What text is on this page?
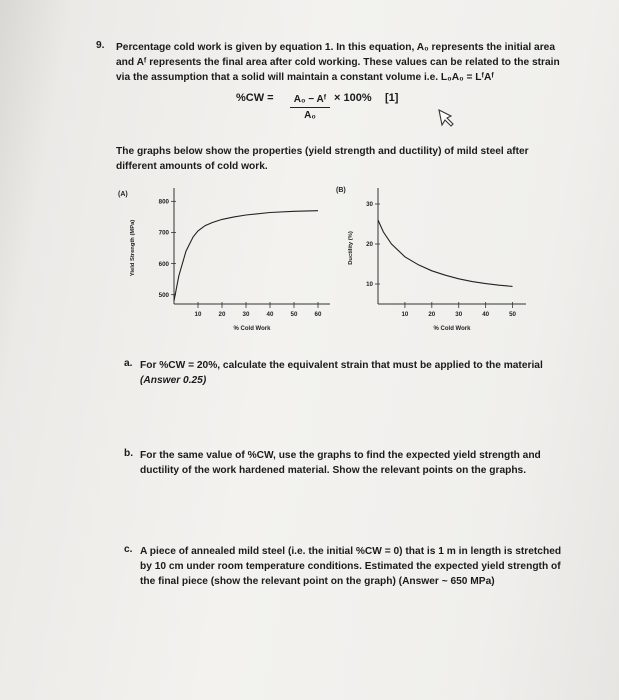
9. Percentage cold work is given by equation 1. In this equation, A₀ represents the initial area
and Aᶠ represents the final area after cold working. These values can be related to the strain
via the assumption that a solid will maintain a constant volume i.e. L₀A₀ = LᶠAᶠ
%CW =	A₀ − Aᶠ
A₀
× 100% [1]
The graphs below show the properties (yield strength and ductility) of mild steel after
different amounts of cold work.
(A)
500
600
700
800
10	20	30	40	50	60
% Cold Work
Yield Strength (MPa)
(B)
10
20
30
10	20	30	40	50
% Cold Work
Ductility (%)
a. For %CW = 20%, calculate the equivalent strain that must be applied to the material
(Answer 0.25)
b. For the same value of %CW, use the graphs to find the expected yield strength and
ductility of the work hardened material. Show the relevant points on the graphs.
c. A piece of annealed mild steel (i.e. the initial %CW = 0) that is 1 m in length is stretched
by 10 cm under room temperature conditions. Estimated the expected yield strength of
the final piece (show the relevant point on the graph) (Answer ~ 650 MPa)
